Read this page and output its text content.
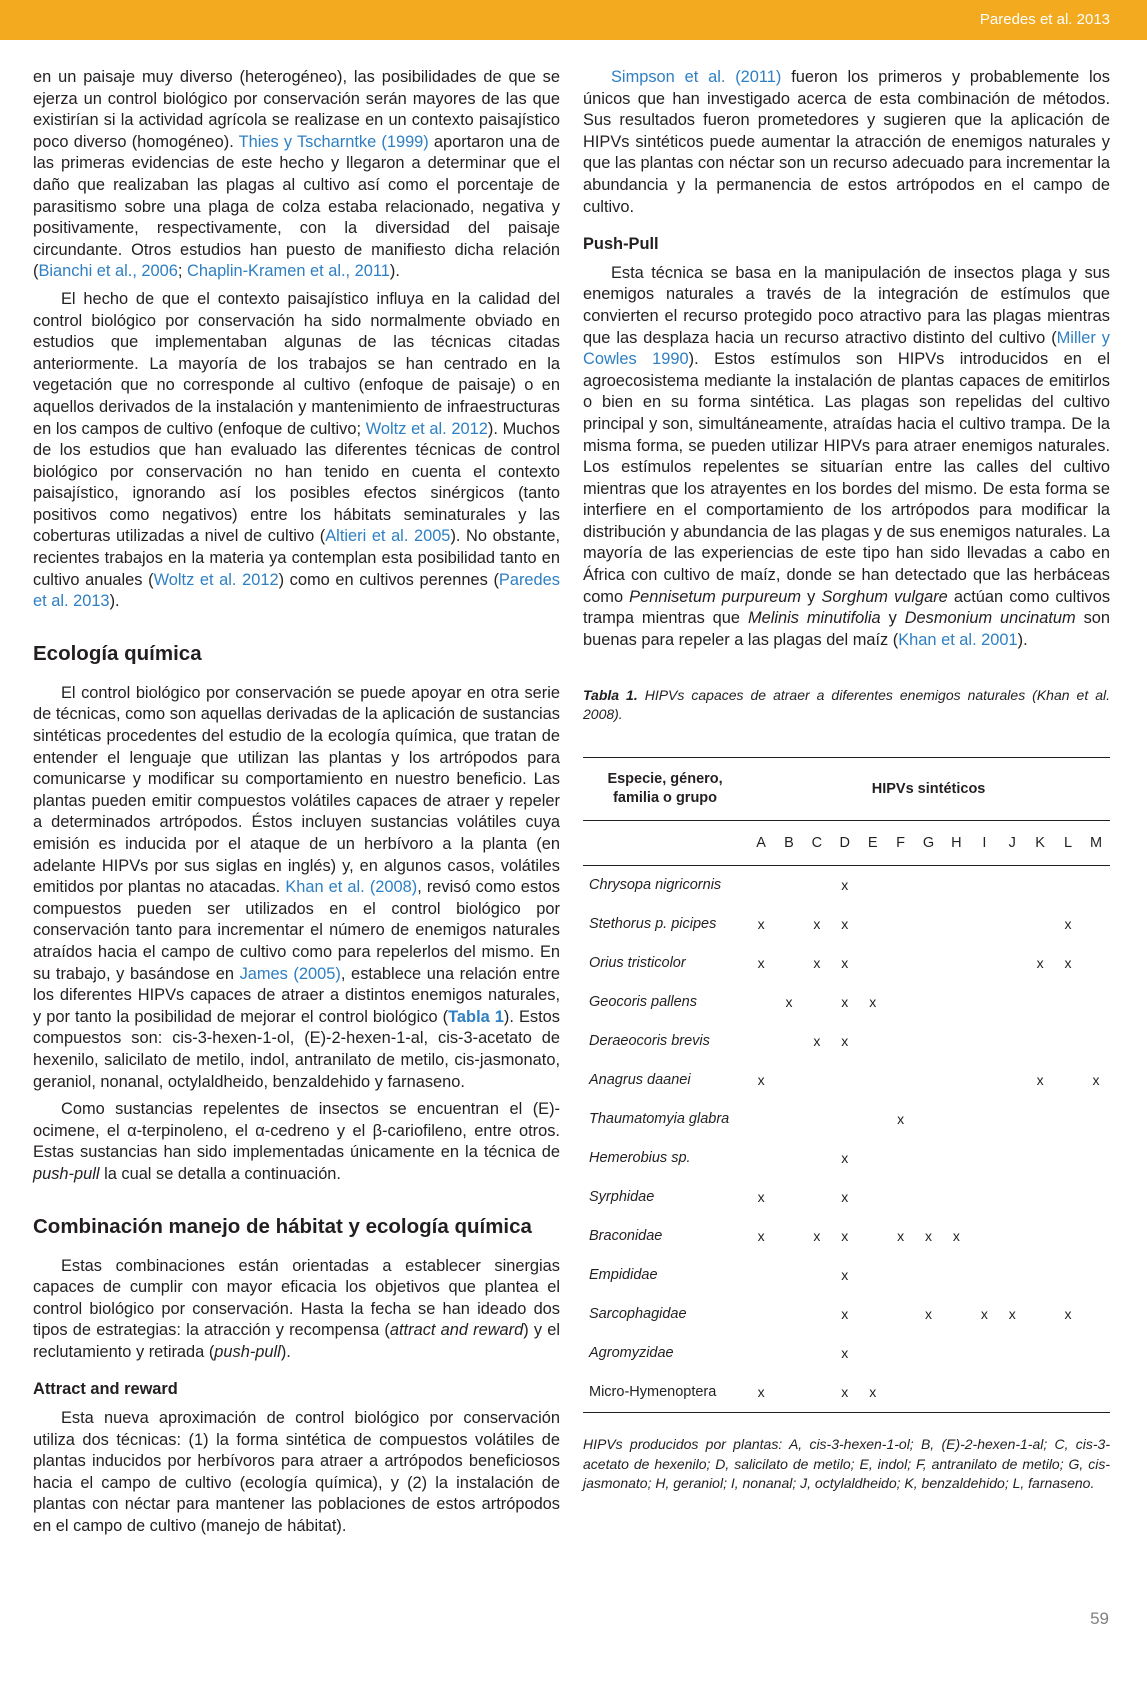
Paredes et al. 2013

en un paisaje muy diverso (heterogéneo), las posibilidades de que se ejerza un control biológico por conservación serán mayores de las que existirían si la actividad agrícola se realizase en un contexto paisajístico poco diverso (homogéneo). Thies y Tscharntke (1999) aportaron una de las primeras evidencias de este hecho y llegaron a determinar que el daño que realizaban las plagas al cultivo así como el porcentaje de parasitismo sobre una plaga de colza estaba relacionado, negativa y positivamente, respectivamente, con la diversidad del paisaje circundante. Otros estudios han puesto de manifiesto dicha relación (Bianchi et al., 2006; Chaplin-Kramen et al., 2011).

El hecho de que el contexto paisajístico influya en la calidad del control biológico por conservación ha sido normalmente obviado en estudios que implementaban algunas de las técnicas citadas anteriormente. La mayoría de los trabajos se han centrado en la vegetación que no corresponde al cultivo (enfoque de paisaje) o en aquellos derivados de la instalación y mantenimiento de infraestructuras en los campos de cultivo (enfoque de cultivo; Woltz et al. 2012). Muchos de los estudios que han evaluado las diferentes técnicas de control biológico por conservación no han tenido en cuenta el contexto paisajístico, ignorando así los posibles efectos sinérgicos (tanto positivos como negativos) entre los hábitats seminaturales y las coberturas utilizadas a nivel de cultivo (Altieri et al. 2005). No obstante, recientes trabajos en la materia ya contemplan esta posibilidad tanto en cultivo anuales (Woltz et al. 2012) como en cultivos perennes (Paredes et al. 2013).

Ecología química

El control biológico por conservación se puede apoyar en otra serie de técnicas, como son aquellas derivadas de la aplicación de sustancias sintéticas procedentes del estudio de la ecología química, que tratan de entender el lenguaje que utilizan las plantas y los artrópodos para comunicarse y modificar su comportamiento en nuestro beneficio. Las plantas pueden emitir compuestos volátiles capaces de atraer y repeler a determinados artrópodos. Éstos incluyen sustancias volátiles cuya emisión es inducida por el ataque de un herbívoro a la planta (en adelante HIPVs por sus siglas en inglés) y, en algunos casos, volátiles emitidos por plantas no atacadas. Khan et al. (2008), revisó como estos compuestos pueden ser utilizados en el control biológico por conservación tanto para incrementar el número de enemigos naturales atraídos hacia el campo de cultivo como para repelerlos del mismo. En su trabajo, y basándose en James (2005), establece una relación entre los diferentes HIPVs capaces de atraer a distintos enemigos naturales, y por tanto la posibilidad de mejorar el control biológico (Tabla 1). Estos compuestos son: cis-3-hexen-1-ol, (E)-2-hexen-1-al, cis-3-acetato de hexenilo, salicilato de metilo, indol, antranilato de metilo, cis-jasmonato, geraniol, nonanal, octylaldheido, benzaldehido y farnaseno.

Como sustancias repelentes de insectos se encuentran el (E)-ocimene, el α-terpinoleno, el α-cedreno y el β-cariofileno, entre otros. Estas sustancias han sido implementadas únicamente en la técnica de push-pull la cual se detalla a continuación.

Combinación manejo de hábitat y ecología química

Estas combinaciones están orientadas a establecer sinergias capaces de cumplir con mayor eficacia los objetivos que plantea el control biológico por conservación. Hasta la fecha se han ideado dos tipos de estrategias: la atracción y recompensa (attract and reward) y el reclutamiento y retirada (push-pull).

Attract and reward

Esta nueva aproximación de control biológico por conservación utiliza dos técnicas: (1) la forma sintética de compuestos volátiles de plantas inducidos por herbívoros para atraer a artrópodos beneficiosos hacia el campo de cultivo (ecología química), y (2) la instalación de plantas con néctar para mantener las poblaciones de estos artrópodos en el campo de cultivo (manejo de hábitat).

Simpson et al. (2011) fueron los primeros y probablemente los únicos que han investigado acerca de esta combinación de métodos. Sus resultados fueron prometedores y sugieren que la aplicación de HIPVs sintéticos puede aumentar la atracción de enemigos naturales y que las plantas con néctar son un recurso adecuado para incrementar la abundancia y la permanencia de estos artrópodos en el campo de cultivo.

Push-Pull

Esta técnica se basa en la manipulación de insectos plaga y sus enemigos naturales a través de la integración de estímulos que convierten el recurso protegido poco atractivo para las plagas mientras que las desplaza hacia un recurso atractivo distinto del cultivo (Miller y Cowles 1990). Estos estímulos son HIPVs introducidos en el agroecosistema mediante la instalación de plantas capaces de emitirlos o bien en su forma sintética. Las plagas son repelidas del cultivo principal y son, simultáneamente, atraídas hacia el cultivo trampa. De la misma forma, se pueden utilizar HIPVs para atraer enemigos naturales. Los estímulos repelentes se situarían entre las calles del cultivo mientras que los atrayentes en los bordes del mismo. De esta forma se interfiere en el comportamiento de los artrópodos para modificar la distribución y abundancia de las plagas y de sus enemigos naturales. La mayoría de las experiencias de este tipo han sido llevadas a cabo en África con cultivo de maíz, donde se han detectado que las herbáceas como Pennisetum purpureum y Sorghum vulgare actúan como cultivos trampa mientras que Melinis minutifolia y Desmonium uncinatum son buenas para repeler a las plagas del maíz (Khan et al. 2001).

Tabla 1. HIPVs capaces de atraer a diferentes enemigos naturales (Khan et al. 2008).

Especie, género, familia o grupo	HIPVs sintéticos												
	A	B	C	D	E	F	G	H	I	J	K	L	M
Chrysopa nigricornis				x									
Stethorus p. picipes	x		x	x								x	
Orius tristicolor	x		x	x							x	x	
Geocoris pallens		x		x	x								
Deraeocoris brevis			x	x									
Anagrus daanei	x										x		x
Thaumatomyia glabra						x							
Hemerobius sp.				x									
Syrphidae	x			x									
Braconidae	x		x	x		x	x	x					
Empididae				x									
Sarcophagidae				x			x		x	x		x	
Agromyzidae				x									
Micro-Hymenoptera	x			x	x								

HIPVs producidos por plantas: A, cis-3-hexen-1-ol; B, (E)-2-hexen-1-al; C, cis-3-acetato de hexenilo; D, salicilato de metilo; E, indol; F, antranilato de metilo; G, cis-jasmonato; H, geraniol; I, nonanal; J, octylaldheido; K, benzaldehido; L, farnaseno.

59
